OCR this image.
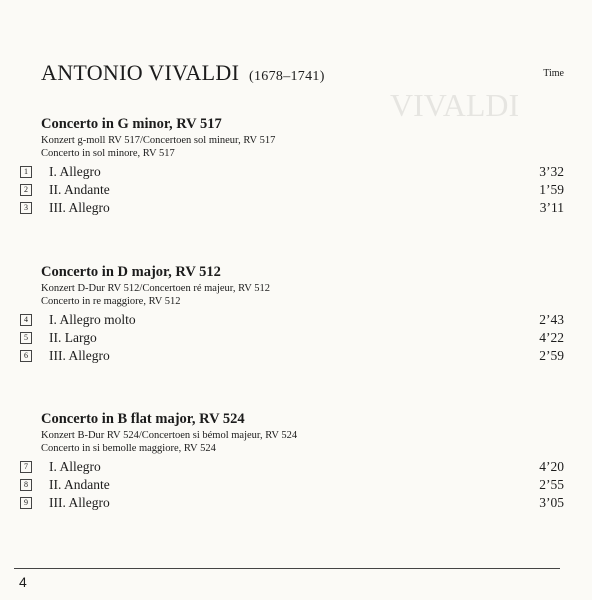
VIVALDI
ANTONIO VIVALDI (1678–1741)	Time
Concerto in G minor, RV 517
Konzert g-moll RV 517/Concertoen sol mineur, RV 517
Concerto in sol minore, RV 517
1 I. Allegro	3’32
2 II. Andante	1’59
3 III. Allegro	3’11
Concerto in D major, RV 512
Konzert D-Dur RV 512/Concertoen ré majeur, RV 512
Concerto in re maggiore, RV 512
4 I. Allegro molto	2’43
5 II. Largo	4’22
6 III. Allegro	2’59
Concerto in B flat major, RV 524
Konzert B-Dur RV 524/Concertoen si bémol majeur, RV 524
Concerto in si bemolle maggiore, RV 524
7 I. Allegro	4’20
8 II. Andante	2’55
9 III. Allegro	3’05
4
